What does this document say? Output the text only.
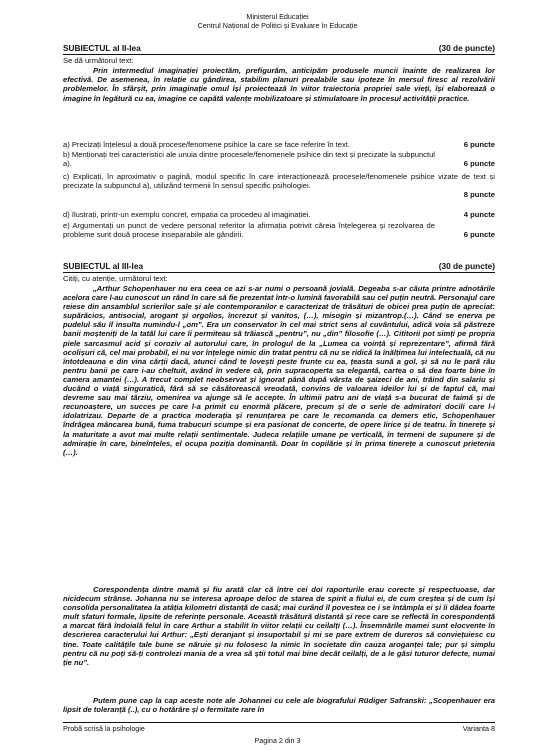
Ministerul Educației
Centrul Național de Politici și Evaluare în Educație
SUBIECTUL al II-lea	(30 de puncte)
Se dă următorul text:
Prin intermediul imaginației proiectăm, prefigurăm, anticipăm produsele muncii înainte de realizarea lor efectivă. De asemenea, în relație cu gândirea, stabilim planuri prealabile sau ipoteze în mersul firesc al rezolvării problemelor. În sfârșit, prin imaginație omul își proiectează în viitor traiectoria propriei sale vieți, își elaborează o imagine în legătură cu ea, imagine ce capătă valențe mobilizatoare și stimulatoare în procesul activității practice.
a) Precizați înțelesul a două procese/fenomene psihice la care se face referire în text.	6 puncte
b) Menționați trei caracteristici ale unuia dintre procesele/fenomenele psihice din text și precizate la subpunctul a).	6 puncte
c) Explicați, în aproximativ o pagină, modul specific în care interacționează procesele/fenomenele psihice vizate de text și precizate la subpunctul a), utilizând termenii în sensul specific psihologiei.
8 puncte
d) Ilustrați, printr-un exemplu concret, empatia ca procedeu al imaginației.	4 puncte
e) Argumentați un punct de vedere personal referitor la afirmația potrivit căreia înțelegerea și rezolvarea de probleme sunt două procese inseparabile ale gândirii.	6 puncte
SUBIECTUL al III-lea	(30 de puncte)
Citiți, cu atenție, următorul text:
„Arthur Schopenhauer nu era ceea ce azi s-ar numi o persoană jovială. Degeaba s-ar căuta printre adnotările acelora care l-au cunoscut un rând în care să fie prezentat într-o lumină favorabilă sau cel puțin neutră. Personajul care reiese din ansamblul scrierilor sale și ale contemporanilor e caracterizat de trăsături de obicei prea puțin de apreciat: supărăcios, antisocial, arogant și orgolios, încrezut și vanitos, (…), misogin și mizantrop.(…). Când se enerva pe pudelul său îl insulta numindu-l „om”. Era un conservator în cel mai strict sens al cuvântului, adică voia să păstreze banii moșteniți de la tatăl lui care îi permiteau să trăiască „pentru”, nu „din” filosofie (…). Cititorii pot simți pe propria piele sarcasmul acid și coroziv al autorului care, în prologul de la „Lumea ca voință și reprezentare”, afirmă fără ocolișuri că, cel mai probabil, ei nu vor înțelege nimic din tratat pentru că nu se ridică la înălțimea lui intelectuală, că nu întotdeauna e din vina cărții dacă, atunci când te lovești peste frunte cu ea, țeasta sună a gol, și să nu le pară rău pentru banii pe care i-au cheltuit, având în vedere că, prin supracoperta sa elegantă, cartea o să dea foarte bine în camera amantei (…). A trecut complet neobservat și ignorat până după vârsta de șaizeci de ani, trăind din salariu și ducând o viață singuratică, fără să se căsătorească vreodată, convins de valoarea ideilor lui și de faptul că, mai devreme sau mai târziu, omenirea va ajunge să le accepte. În ultimii patru ani de viață s-a bucurat de faimă și de recunoaștere, un succes pe care l-a primit cu enormă plăcere, precum și de o serie de admiratori docili care l-i idolatrizau. Departe de a practica moderația și renunțarea pe care le recomanda ca demers etic, Schopenhauer îndrăgea mâncarea bună, fuma trabucuri scumpe și era pasionat de concerte, de opere lirice și de teatru. În tinerețe și la maturitate a avut mai multe relații sentimentale. Judeca relațiile umane pe verticală, în termeni de supunere și de admirație în care, bineînțeles, el ocupa poziția dominantă. Doar în copilărie și în prima tinerețe a cunoscut prietenia (…).
Corespondența dintre mamă și fiu arată clar că între cei doi raporturile erau corecte și respectuoase, dar nicidecum strânse. Johanna nu se interesa aproape deloc de starea de spirit a fiului ei, de cum creștea și de cum își consolida personalitatea la atâția kilometri distanță de casă; mai curând îl povestea ce i se întâmpla ei și îi dădea foarte mult sfaturi formale, lipsite de referințe personale. Această trăsătură distantă și rece care se reflectă în corespondență a marcat fără îndoială felul în care Arthur a stabilit în viitor relații cu ceilalți (…). Însemnările mamei sunt elocvente în descrierea caracterului lui Arthur: „Ești deranjant și insuportabil și mi se pare extrem de dureros să conviețuiesc cu tine. Toate calitățile tale bune se năruie și nu folosesc la nimic în societate din cauza aroganței tale; pur și simplu pentru că nu poți să-ți controlezi mania de a vrea să știi totul mai bine decât ceilalți, de a le găsi tuturor defecte, numai ție nu”.
Putem pune cap la cap aceste note ale Johannei cu cele ale biografului Rüdiger Safranski: „Scopenhauer era lipsit de toleranță (..), cu o hotărâre și o fermitate rare în
Probă scrisă la psihologie
Pagina 2 din 3
Varianta 8
